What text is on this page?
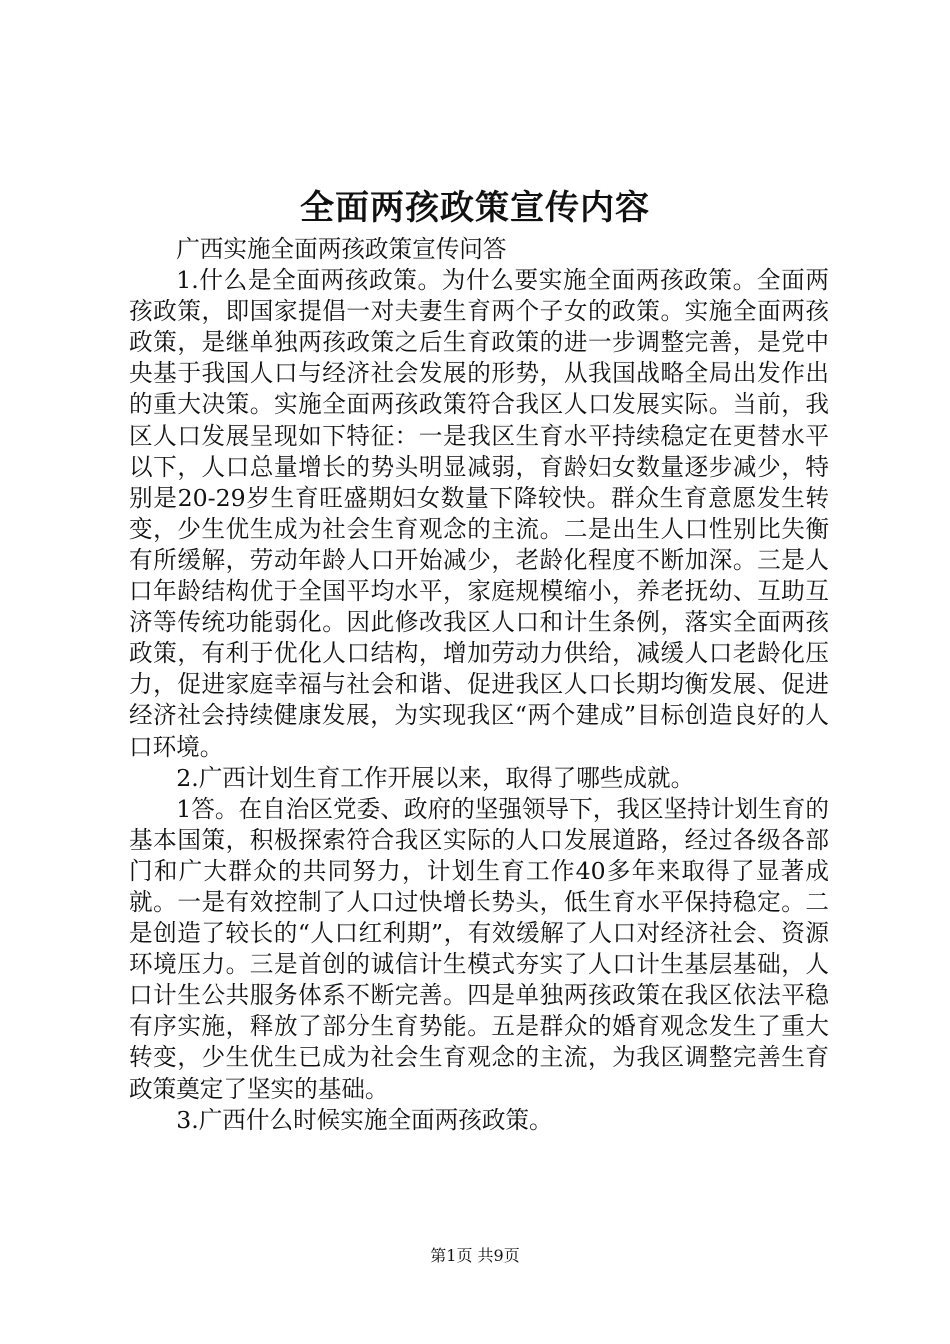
全面两孩政策宣传内容

广西实施全面两孩政策宣传问答

1.什么是全面两孩政策。为什么要实施全面两孩政策。全面两孩政策，即国家提倡一对夫妻生育两个子女的政策。实施全面两孩政策，是继单独两孩政策之后生育政策的进一步调整完善，是党中央基于我国人口与经济社会发展的形势，从我国战略全局出发作出的重大决策。实施全面两孩政策符合我区人口发展实际。当前，我区人口发展呈现如下特征：一是我区生育水平持续稳定在更替水平以下，人口总量增长的势头明显减弱，育龄妇女数量逐步减少，特别是20-29岁生育旺盛期妇女数量下降较快。群众生育意愿发生转变，少生优生成为社会生育观念的主流。二是出生人口性别比失衡有所缓解，劳动年龄人口开始减少，老龄化程度不断加深。三是人口年龄结构优于全国平均水平，家庭规模缩小，养老抚幼、互助互济等传统功能弱化。因此修改我区人口和计生条例，落实全面两孩政策，有利于优化人口结构，增加劳动力供给，减缓人口老龄化压力，促进家庭幸福与社会和谐、促进我区人口长期均衡发展、促进经济社会持续健康发展，为实现我区“两个建成”目标创造良好的人口环境。

2.广西计划生育工作开展以来，取得了哪些成就。

1答。在自治区党委、政府的坚强领导下，我区坚持计划生育的基本国策，积极探索符合我区实际的人口发展道路，经过各级各部门和广大群众的共同努力，计划生育工作40多年来取得了显著成就。一是有效控制了人口过快增长势头，低生育水平保持稳定。二是创造了较长的“人口红利期”，有效缓解了人口对经济社会、资源环境压力。三是首创的诚信计生模式夯实了人口计生基层基础，人口计生公共服务体系不断完善。四是单独两孩政策在我区依法平稳有序实施，释放了部分生育势能。五是群众的婚育观念发生了重大转变，少生优生已成为社会生育观念的主流，为我区调整完善生育政策奠定了坚实的基础。

3.广西什么时候实施全面两孩政策。

第1页 共9页
